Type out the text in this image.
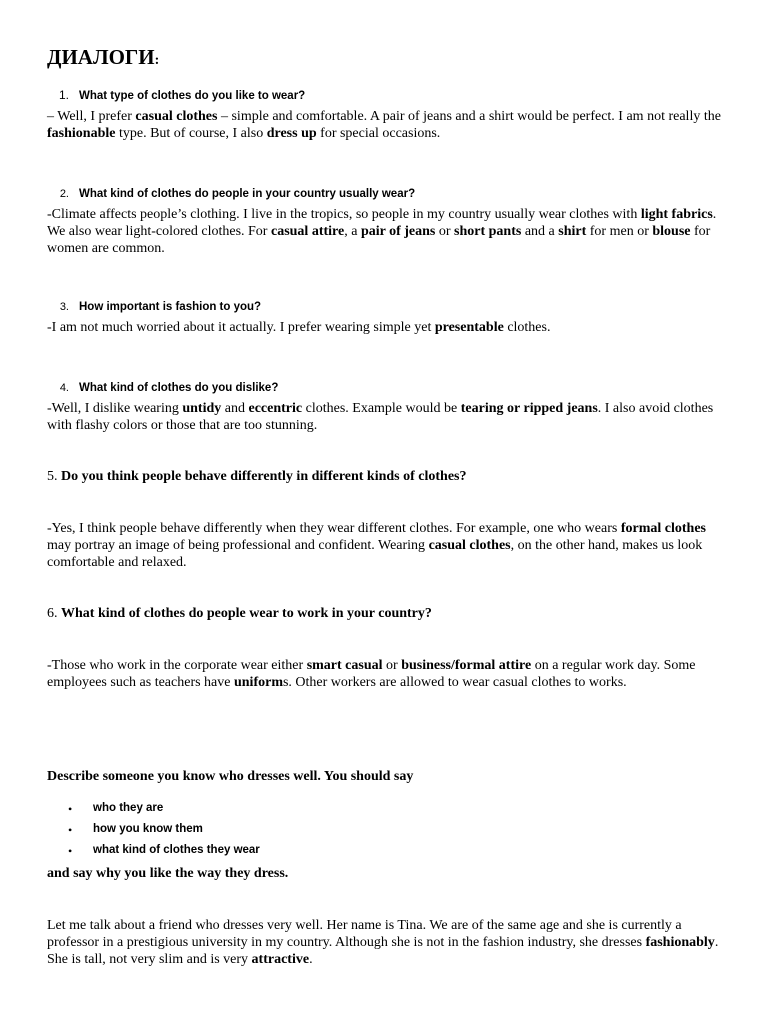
ДИАЛОГИ:
1. What type of clothes do you like to wear?

– Well, I prefer casual clothes – simple and comfortable. A pair of jeans and a shirt would be perfect. I am not really the fashionable type. But of course, I also dress up for special occasions.

2. What kind of clothes do people in your country usually wear?

-Climate affects people’s clothing. I live in the tropics, so people in my country usually wear clothes with light fabrics. We also wear light-colored clothes. For casual attire, a pair of jeans or short pants and a shirt for men or blouse for women are common.

3. How important is fashion to you?

-I am not much worried about it actually. I prefer wearing simple yet presentable clothes.

4. What kind of clothes do you dislike?

-Well, I dislike wearing untidy and eccentric clothes. Example would be tearing or ripped jeans. I also avoid clothes with flashy colors or those that are too stunning.

5. Do you think people behave differently in different kinds of clothes?

-Yes, I think people behave differently when they wear different clothes. For example, one who wears formal clothes may portray an image of being professional and confident. Wearing casual clothes, on the other hand, makes us look comfortable and relaxed.

6. What kind of clothes do people wear to work in your country?

-Those who work in the corporate wear either smart casual or business/formal attire on a regular work day. Some employees such as teachers have uniforms. Other workers are allowed to wear casual clothes to works.

Describe someone you know who dresses well. You should say

• who they are
• how you know them
• what kind of clothes they wear

and say why you like the way they dress.

Let me talk about a friend who dresses very well. Her name is Tina. We are of the same age and she is currently a professor in a prestigious university in my country. Although she is not in the fashion industry, she dresses fashionably. She is tall, not very slim and is very attractive.
